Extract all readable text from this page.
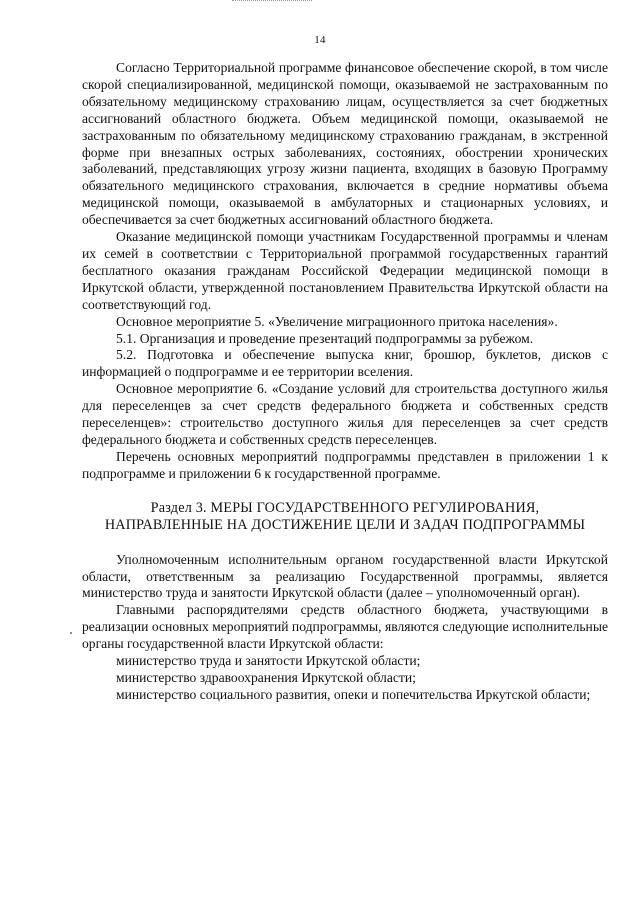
14

Согласно Территориальной программе финансовое обеспечение скорой, в том числе скорой специализированной, медицинской помощи, оказываемой не застрахованным по обязательному медицинскому страхованию лицам, осуществляется за счет бюджетных ассигнований областного бюджета. Объем медицинской помощи, оказываемой не застрахованным по обязательному медицинскому страхованию гражданам, в экстренной форме при внезапных острых заболеваниях, состояниях, обострении хронических заболеваний, представляющих угрозу жизни пациента, входящих в базовую Программу обязательного медицинского страхования, включается в средние нормативы объема медицинской помощи, оказываемой в амбулаторных и стационарных условиях, и обеспечивается за счет бюджетных ассигнований областного бюджета.

Оказание медицинской помощи участникам Государственной программы и членам их семей в соответствии с Территориальной программой государственных гарантий бесплатного оказания гражданам Российской Федерации медицинской помощи в Иркутской области, утвержденной постановлением Правительства Иркутской области на соответствующий год.

Основное мероприятие 5. «Увеличение миграционного притока населения».

5.1. Организация и проведение презентаций подпрограммы за рубежом.

5.2. Подготовка и обеспечение выпуска книг, брошюр, буклетов, дисков с информацией о подпрограмме и ее территории вселения.

Основное мероприятие 6. «Создание условий для строительства доступного жилья для переселенцев за счет средств федерального бюджета и собственных средств переселенцев»: строительство доступного жилья для переселенцев за счет средств федерального бюджета и собственных средств переселенцев.

Перечень основных мероприятий подпрограммы представлен в приложении 1 к подпрограмме и приложении 6 к государственной программе.

Раздел 3. МЕРЫ ГОСУДАРСТВЕННОГО РЕГУЛИРОВАНИЯ,
НАПРАВЛЕННЫЕ НА ДОСТИЖЕНИЕ ЦЕЛИ И ЗАДАЧ ПОДПРОГРАММЫ

Уполномоченным исполнительным органом государственной власти Иркутской области, ответственным за реализацию Государственной программы, является министерство труда и занятости Иркутской области (далее – уполномоченный орган).

Главными распорядителями средств областного бюджета, участвующими в реализации основных мероприятий подпрограммы, являются следующие исполнительные органы государственной власти Иркутской области:

министерство труда и занятости Иркутской области;

министерство здравоохранения Иркутской области;

министерство социального развития, опеки и попечительства Иркутской области;
